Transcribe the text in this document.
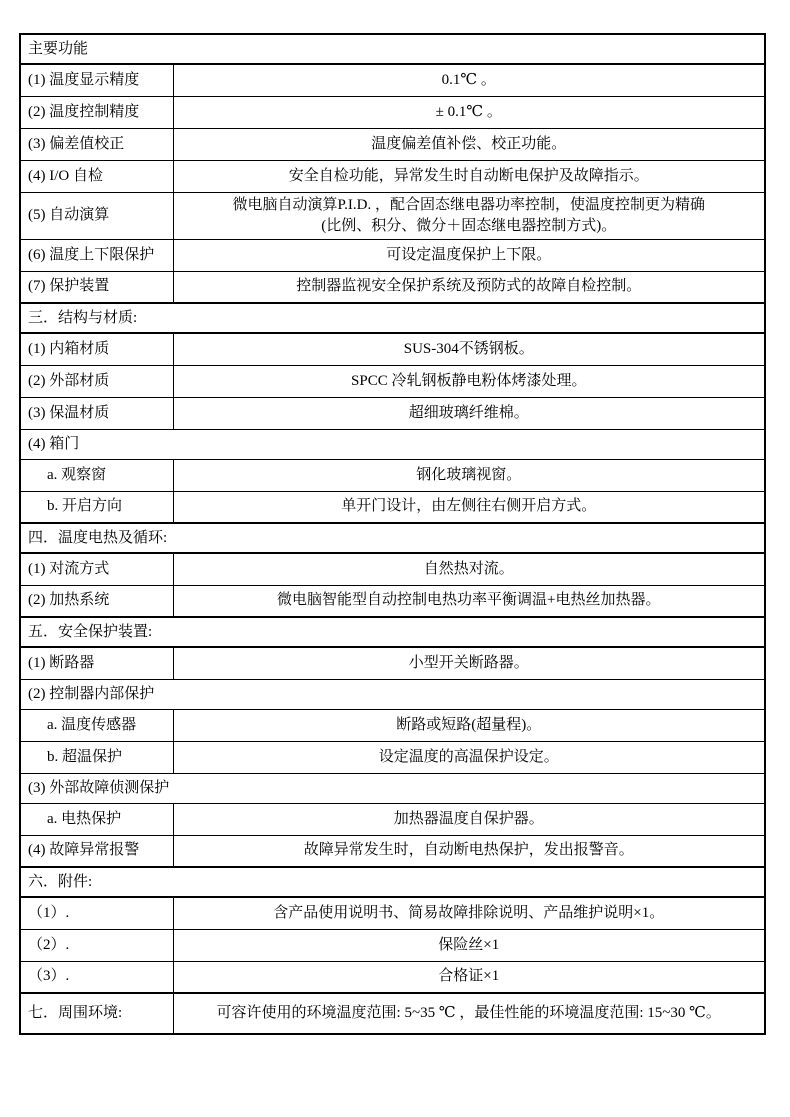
主要功能	
(1) 温度显示精度	0.1℃ 。
(2) 温度控制精度	± 0.1℃ 。
(3) 偏差值校正	温度偏差值补偿、校正功能。
(4) I/O 自检	安全自检功能，异常发生时自动断电保护及故障指示。
(5) 自动演算	微电脑自动演算P.I.D. ，配合固态继电器功率控制，使温度控制更为精确
(比例、积分、微分＋固态继电器控制方式)。

(6) 温度上下限保护	可设定温度保护上下限。
(7) 保护装置	控制器监视安全保护系统及预防式的故障自检控制。
三．结构与材质:	
(1) 内箱材质	SUS-304不锈钢板。
(2) 外部材质	SPCC 冷轧钢板静电粉体烤漆处理。
(3) 保温材质	超细玻璃纤维棉。
(4) 箱门	
a. 观察窗	钢化玻璃视窗。
b. 开启方向	单开门设计，由左侧往右侧开启方式。
四．温度电热及循环:	
(1) 对流方式	自然热对流。
(2) 加热系统	微电脑智能型自动控制电热功率平衡调温+电热丝加热器。
五．安全保护装置:	
(1) 断路器	小型开关断路器。
(2) 控制器内部保护	
a. 温度传感器	断路或短路(超量程)。
b. 超温保护	设定温度的高温保护设定。
(3) 外部故障侦测保护	
a. 电热保护	加热器温度自保护器。
(4) 故障异常报警	故障异常发生时，自动断电热保护，发出报警音。
六．附件:	
（1）.	含产品使用说明书、简易故障排除说明、产品维护说明×1。
（2）.	保险丝×1
（3）.	合格证×1
七．周围环境:	可容许使用的环境温度范围: 5~35 ℃ ，最佳性能的环境温度范围: 15~30 ℃。
